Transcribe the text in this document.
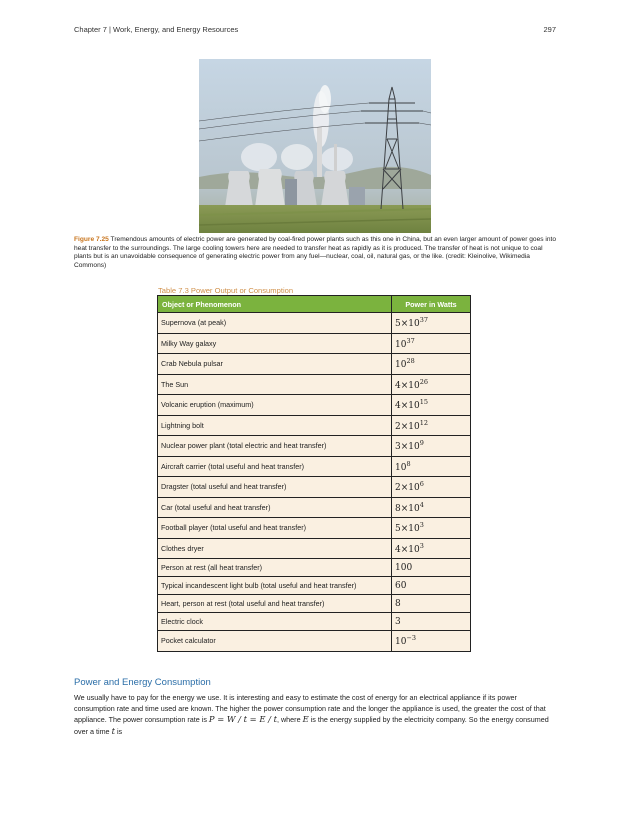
Chapter 7 | Work, Energy, and Energy Resources	297
Figure 7.25 Tremendous amounts of electric power are generated by coal-fired power plants such as this one in China, but an even larger amount of power goes into heat transfer to the surroundings. The large cooling towers here are needed to transfer heat as rapidly as it is produced. The transfer of heat is not unique to coal plants but is an unavoidable consequence of generating electric power from any fuel—nuclear, coal, oil, natural gas, or the like. (credit: Kleinolive, Wikimedia Commons)
Table 7.3 Power Output or Consumption
Object or Phenomenon	Power in Watts
Supernova (at peak)	$5\times 10^{37}$
Milky Way galaxy	$10^{37}$
Crab Nebula pulsar	$10^{28}$
The Sun	$4\times 10^{26}$
Volcanic eruption (maximum)	$4\times 10^{15}$
Lightning bolt	$2\times 10^{12}$
Nuclear power plant (total electric and heat transfer)	$3\times 10^9$
Aircraft carrier (total useful and heat transfer)	$10^8$
Dragster (total useful and heat transfer)	$2\times 10^6$
Car (total useful and heat transfer)	$8\times 10^4$
Football player (total useful and heat transfer)	$5\times 10^3$
Clothes dryer	$4\times 10^3$
Person at rest (all heat transfer)	100
Typical incandescent light bulb (total useful and heat transfer)	60
Heart, person at rest (total useful and heat transfer)	8
Electric clock	3
Pocket calculator	$10^{-3}$
Power and Energy Consumption
We usually have to pay for the energy we use. It is interesting and easy to estimate the cost of energy for an electrical appliance if its power consumption rate and time used are known. The higher the power consumption rate and the longer the appliance is used, the greater the cost of that appliance. The power consumption rate is P = W / t = E / t, where E is the energy supplied by the electricity company. So the energy consumed over a time t is
